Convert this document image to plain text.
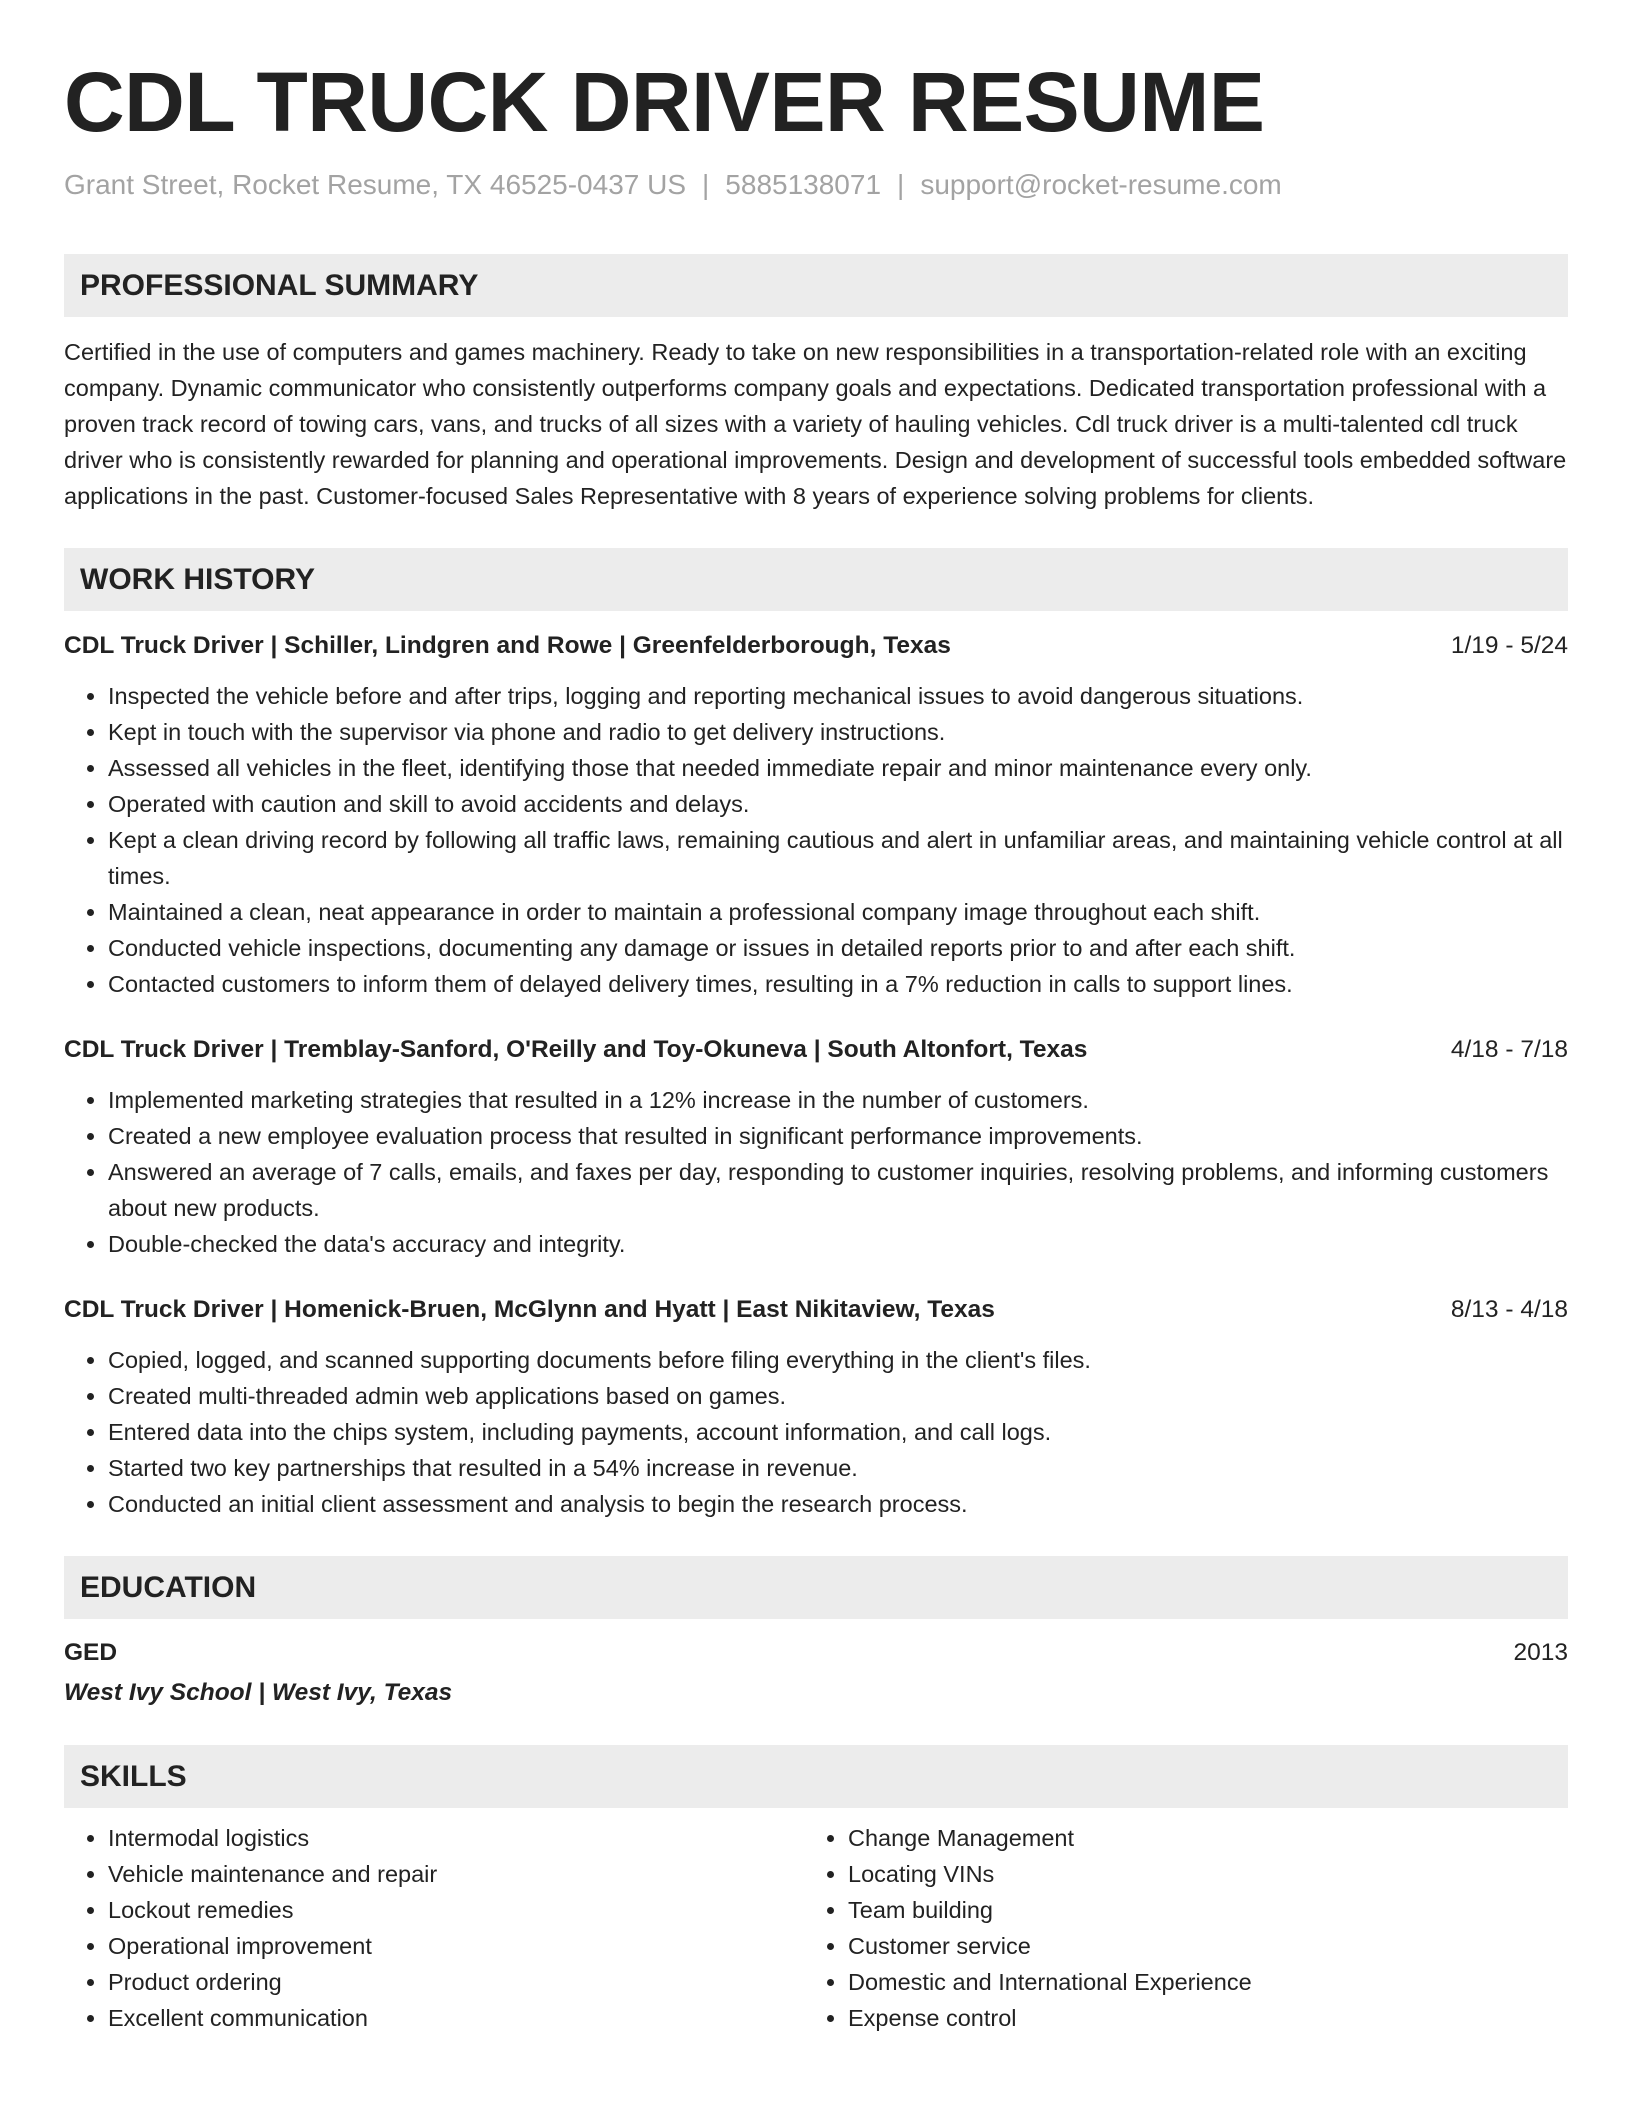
CDL TRUCK DRIVER RESUME
Grant Street, Rocket Resume, TX 46525-0437 US | 5885138071 | support@rocket-resume.com
PROFESSIONAL SUMMARY
Certified in the use of computers and games machinery. Ready to take on new responsibilities in a transportation-related role with an exciting company. Dynamic communicator who consistently outperforms company goals and expectations. Dedicated transportation professional with a proven track record of towing cars, vans, and trucks of all sizes with a variety of hauling vehicles. Cdl truck driver is a multi-talented cdl truck driver who is consistently rewarded for planning and operational improvements. Design and development of successful tools embedded software applications in the past. Customer-focused Sales Representative with 8 years of experience solving problems for clients.
WORK HISTORY
CDL Truck Driver | Schiller, Lindgren and Rowe | Greenfelderborough, Texas	1/19 - 5/24
• Inspected the vehicle before and after trips, logging and reporting mechanical issues to avoid dangerous situations.
• Kept in touch with the supervisor via phone and radio to get delivery instructions.
• Assessed all vehicles in the fleet, identifying those that needed immediate repair and minor maintenance every only.
• Operated with caution and skill to avoid accidents and delays.
• Kept a clean driving record by following all traffic laws, remaining cautious and alert in unfamiliar areas, and maintaining vehicle control at all times.
• Maintained a clean, neat appearance in order to maintain a professional company image throughout each shift.
• Conducted vehicle inspections, documenting any damage or issues in detailed reports prior to and after each shift.
• Contacted customers to inform them of delayed delivery times, resulting in a 7% reduction in calls to support lines.
CDL Truck Driver | Tremblay-Sanford, O'Reilly and Toy-Okuneva | South Altonfort, Texas	4/18 - 7/18
• Implemented marketing strategies that resulted in a 12% increase in the number of customers.
• Created a new employee evaluation process that resulted in significant performance improvements.
• Answered an average of 7 calls, emails, and faxes per day, responding to customer inquiries, resolving problems, and informing customers about new products.
• Double-checked the data's accuracy and integrity.
CDL Truck Driver | Homenick-Bruen, McGlynn and Hyatt | East Nikitaview, Texas	8/13 - 4/18
• Copied, logged, and scanned supporting documents before filing everything in the client's files.
• Created multi-threaded admin web applications based on games.
• Entered data into the chips system, including payments, account information, and call logs.
• Started two key partnerships that resulted in a 54% increase in revenue.
• Conducted an initial client assessment and analysis to begin the research process.
EDUCATION
GED	2013
West Ivy School | West Ivy, Texas
SKILLS
• Intermodal logistics
• Vehicle maintenance and repair
• Lockout remedies
• Operational improvement
• Product ordering
• Excellent communication
• Change Management
• Locating VINs
• Team building
• Customer service
• Domestic and International Experience
• Expense control
